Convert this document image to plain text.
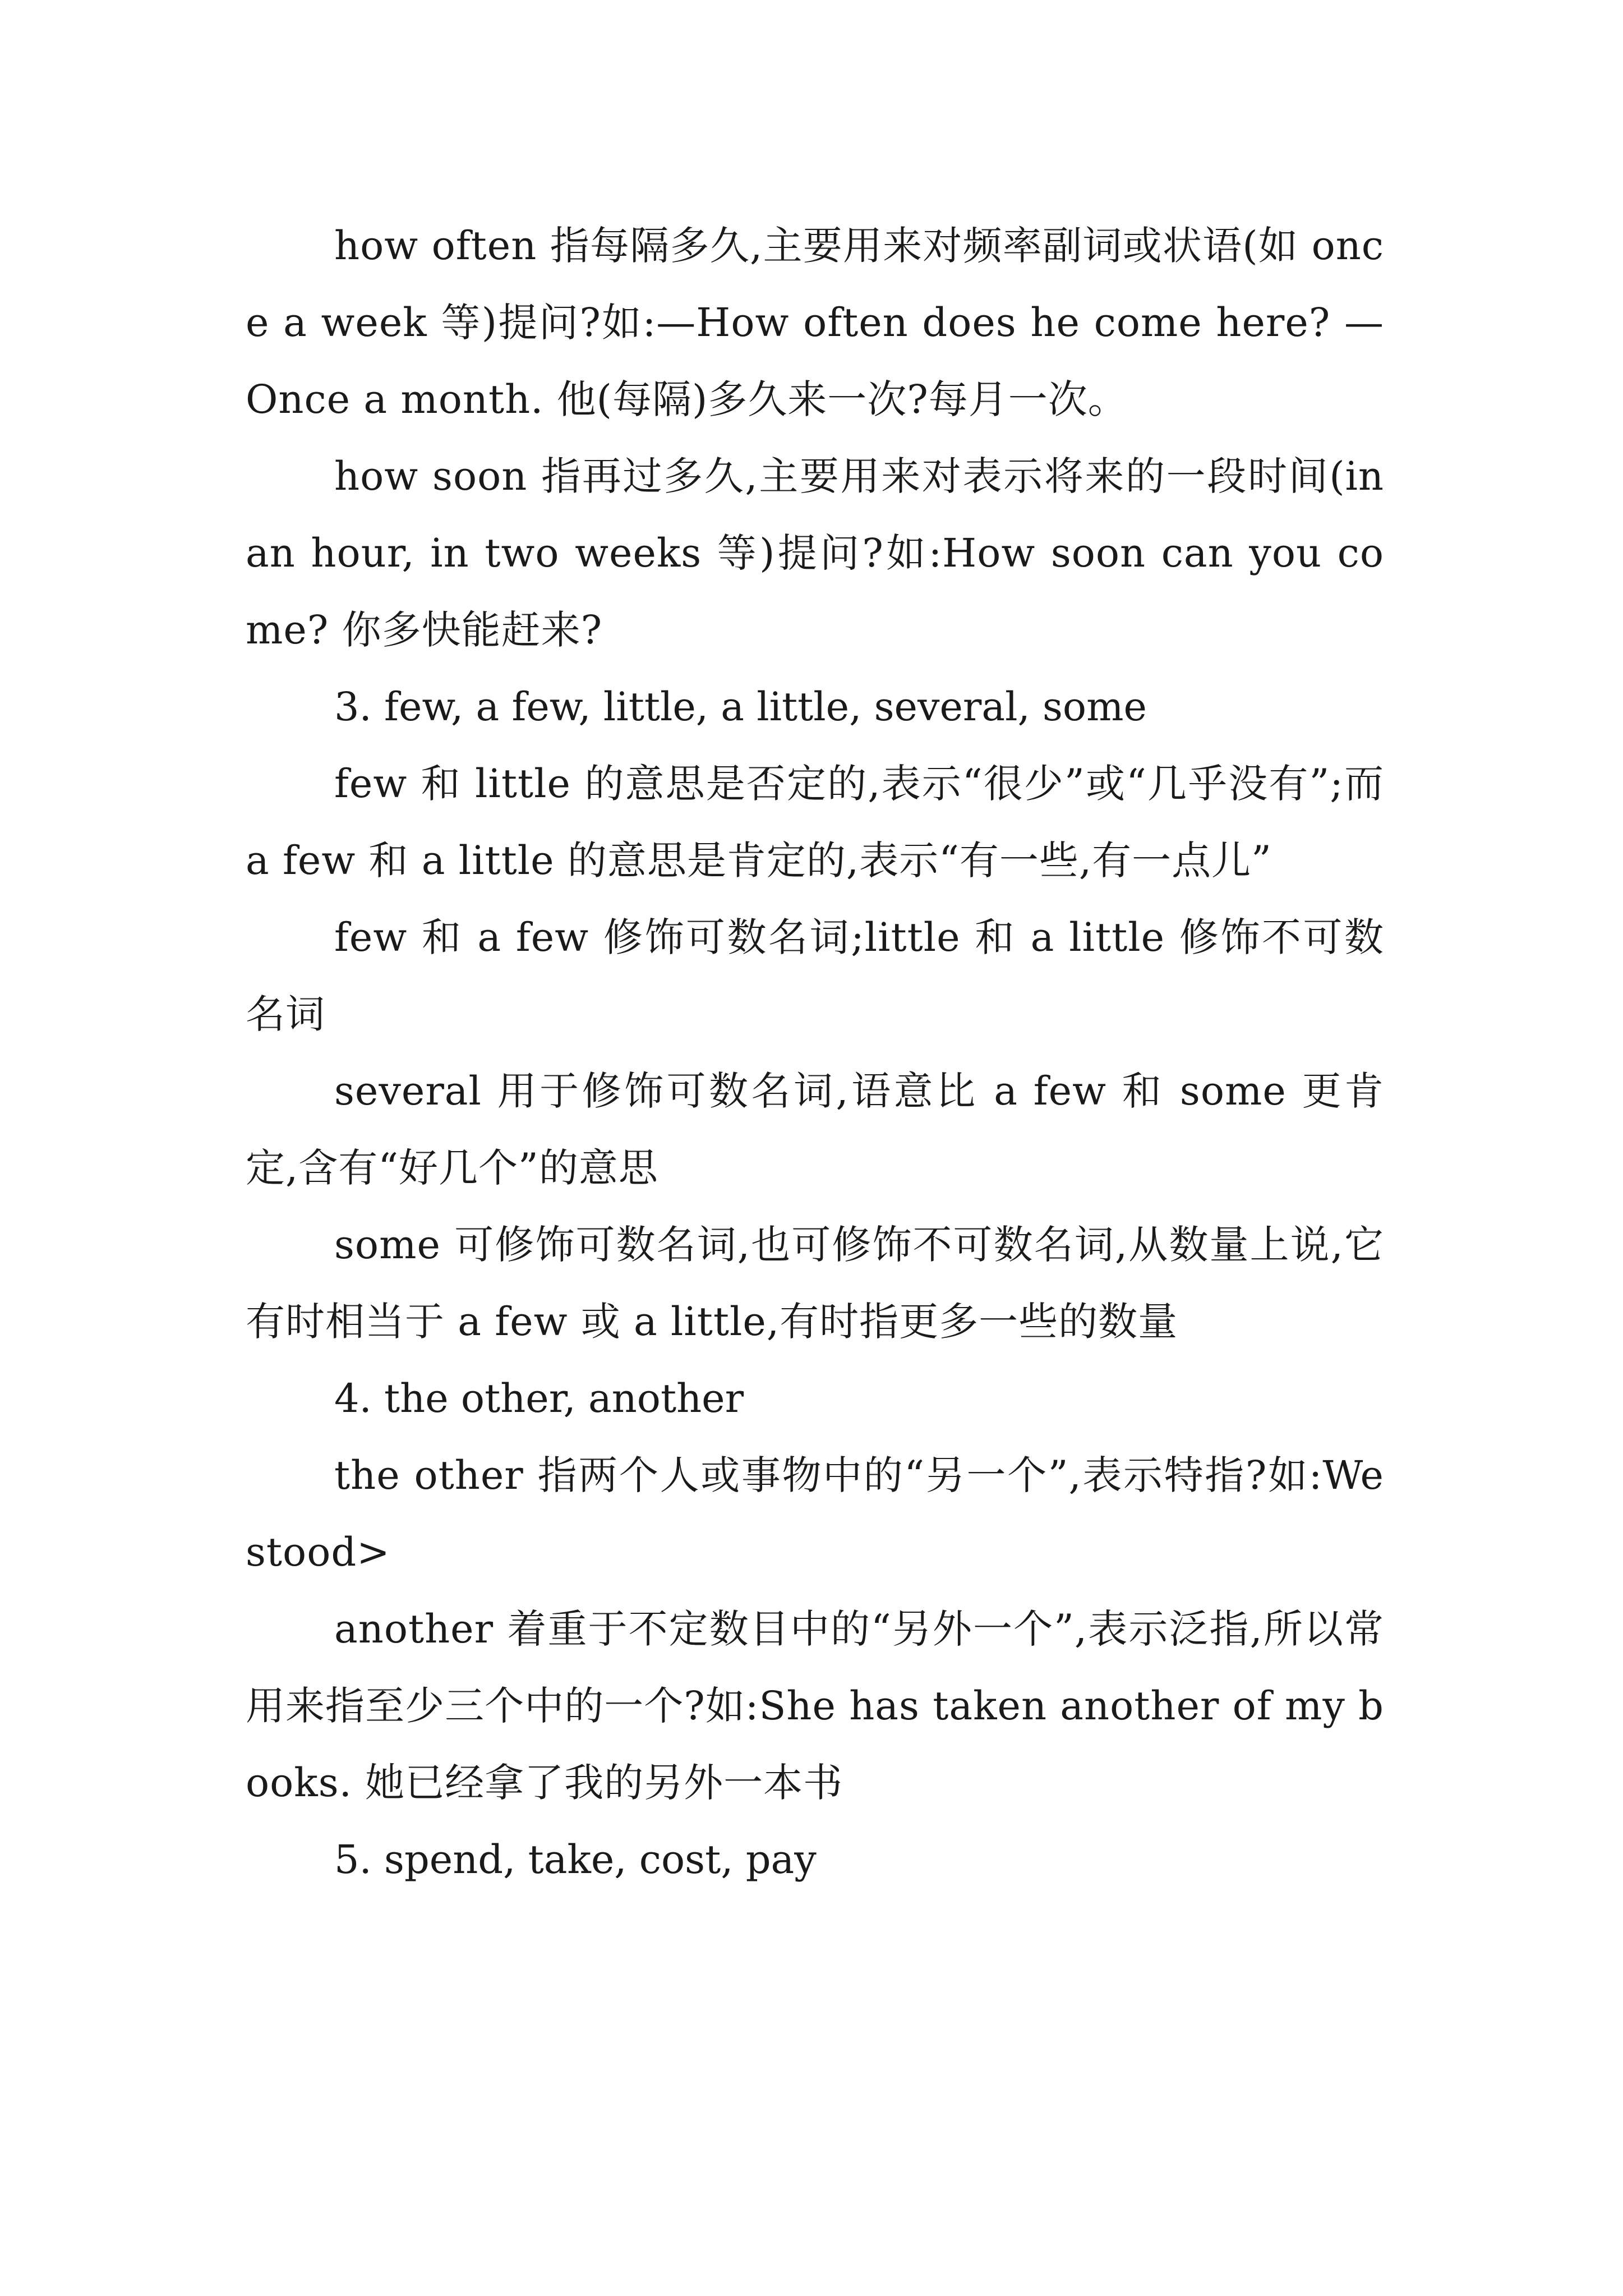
how often 指每隔多久,主要用来对频率副词或状语(如 once a week 等)提问?如:—How often does he come here? —Once a month. 他(每隔)多久来一次?每月一次。

how soon 指再过多久,主要用来对表示将来的一段时间(in an hour, in two weeks 等)提问?如:How soon can you come? 你多快能赶来?

3. few, a few, little, a little, several, some

few 和 little 的意思是否定的,表示“很少”或“几乎没有”;而 a few 和 a little 的意思是肯定的,表示“有一些,有一点儿”

few 和 a few 修饰可数名词;little 和 a little 修饰不可数名词

several 用于修饰可数名词,语意比 a few 和 some 更肯定,含有“好几个”的意思

some 可修饰可数名词,也可修饰不可数名词,从数量上说,它有时相当于 a few 或 a little,有时指更多一些的数量

4. the other, another

the other 指两个人或事物中的“另一个”,表示特指?如:We stood>

another 着重于不定数目中的“另外一个”,表示泛指,所以常用来指至少三个中的一个?如:She has taken another of my books. 她已经拿了我的另外一本书

5. spend, take, cost, pay
